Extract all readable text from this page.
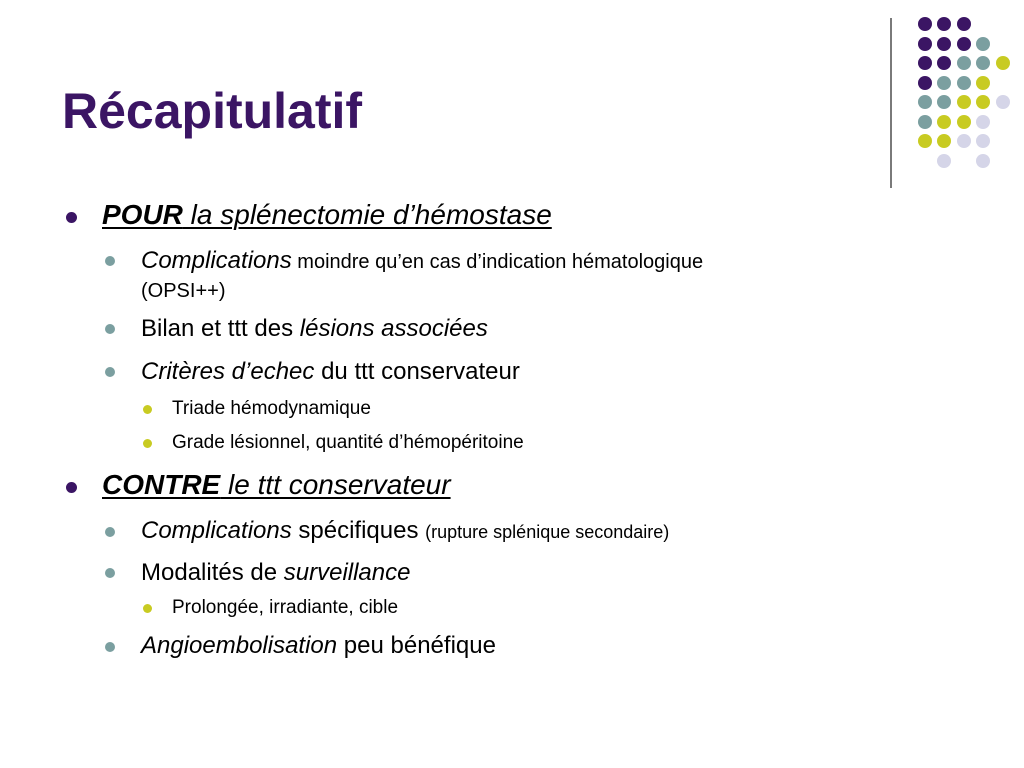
Récapitulatif
POUR la splénectomie d’hémostase
Complications moindre qu’en cas d’indication hématologique
(OPSI++)
Bilan et ttt des lésions associées
Critères d’echec du ttt conservateur
Triade hémodynamique
Grade lésionnel, quantité d’hémopéritoine
CONTRE le ttt conservateur
Complications spécifiques (rupture splénique secondaire)
Modalités de surveillance
Prolongée, irradiante, cible
Angioembolisation peu bénéfique
